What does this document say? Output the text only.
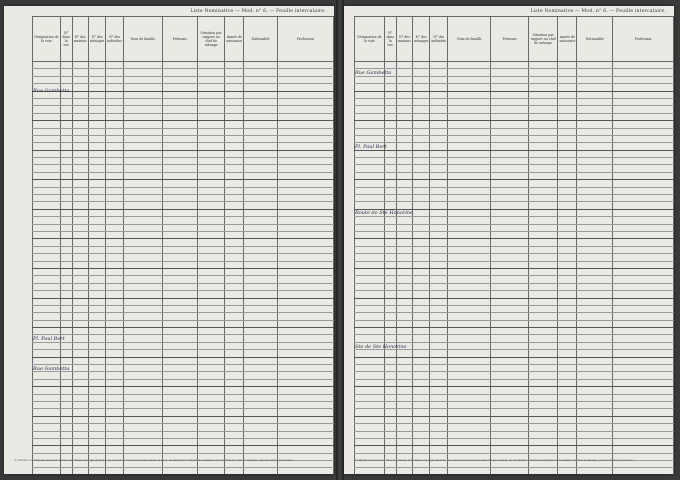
Liste Nominative — Mod. n° 6. — Feuille intercalaire.
Désignation de la voie	N° dans la rue	N° des maisons	N° des ménages	N° des individus	Nom de famille	Prénoms	Situation par rapport au chef de ménage	Année de naissance	Nationalité	Profession

(1) Mettre à la suite les unes des autres, sans laisser de ligne blanche, les personnes recensées dans chaque maison, en inscrivant d'abord les membres de la famille du chef de ménage, puis les autres personnes.
Rue Gambetta
Pl. Paul Bert
Rue Gambetta
Liste Nominative — Mod. n° 6. — Feuille intercalaire.
Désignation de la voie	N° dans la rue	N° des maisons	N° des ménages	N° des individus	Nom de famille	Prénoms	Situation par rapport au chef de ménage	Année de naissance	Nationalité	Profession

(1) Mettre à la suite les unes des autres, sans laisser de ligne blanche, les personnes recensées dans chaque maison, en inscrivant d'abord les membres de la famille du chef de ménage, puis les autres personnes.
Rue Gambetta
Pl. Paul Bert
Route de Ste Honorine
Ste de Ste Honorine
